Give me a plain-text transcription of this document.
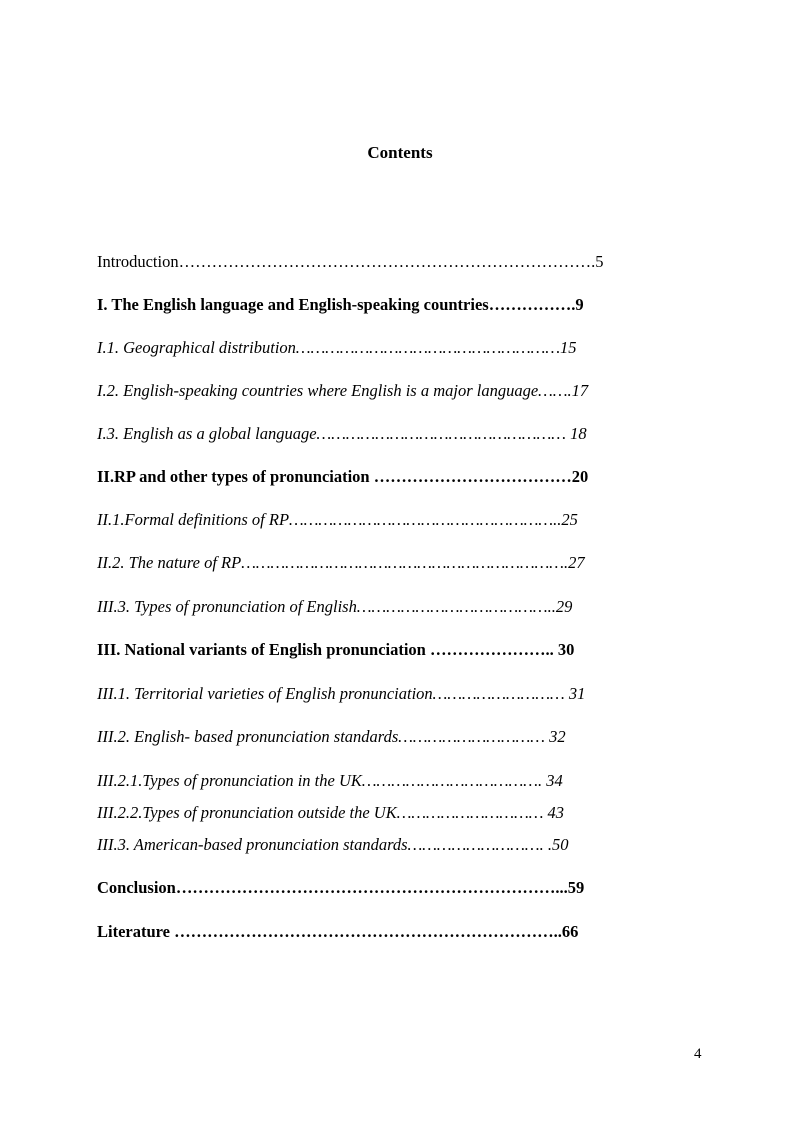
Contents
Introduction………………………………………………………………….5
I. The English language and English-speaking countries…………….9
I.1. Geographical distribution………………………………………………15
I.2. English-speaking countries where English is a major language…….17
I.3. English as a global language…………………………………………… 18
II.RP and other types of pronunciation ………………………………20
II.1.Formal definitions of RP………………………………………………..25
II.2. The nature of RP………………………………………………………….27
III.3. Types of pronunciation of English…………………………………..29
III. National variants of English pronunciation ………………….. 30
III.1. Territorial varieties of English pronunciation……………………… 31
III.2. English- based pronunciation standards………………………… 32
III.2.1.Types of pronunciation in the UK………………………………. 34
III.2.2.Types of pronunciation outside the UK………………………… 43
III.3. American-based pronunciation standards………………………. .50
Conclusion……………………………………………………………...59
Literature ……………………………………………………………..66
4
